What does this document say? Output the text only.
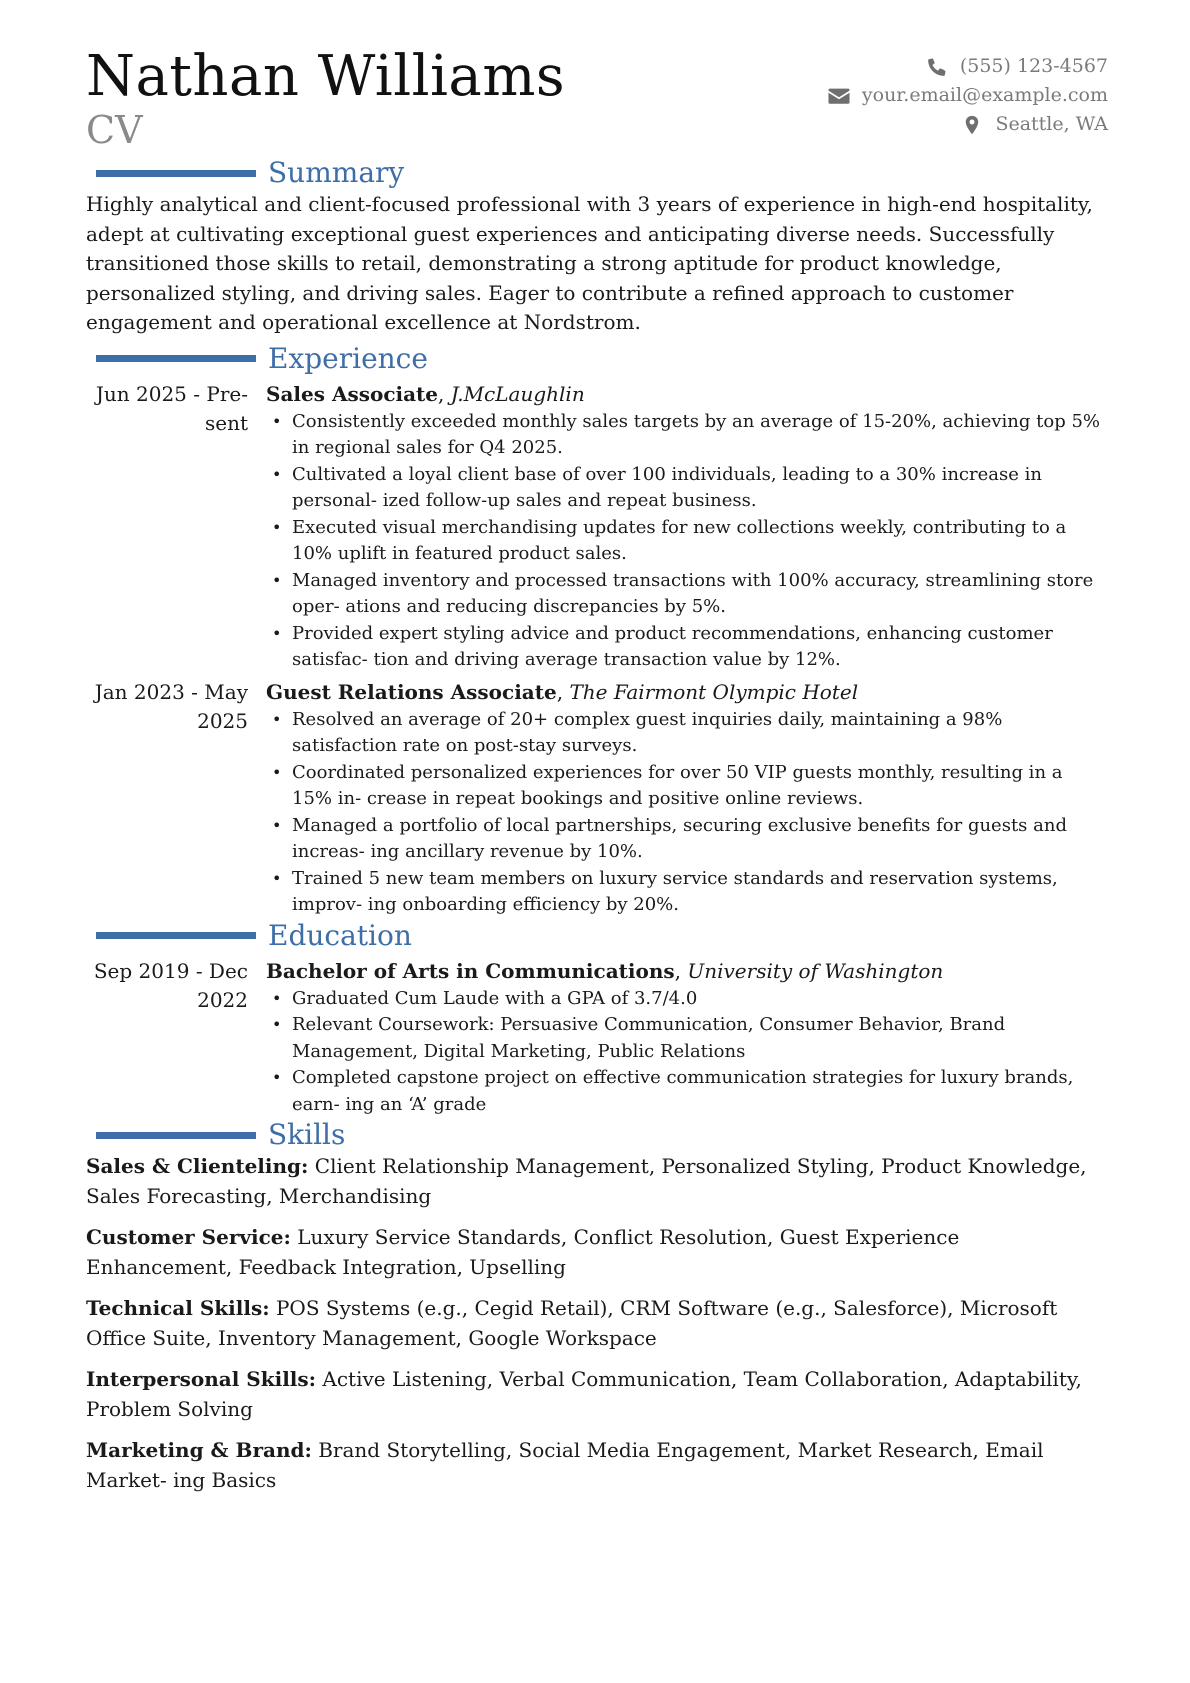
Nathan Williams
CV
(555) 123-4567
your.email@example.com
Seattle, WA
Summary
Highly analytical and client-focused professional with 3 years of experience in high-end hospitality, adept at cultivating exceptional guest experiences and anticipating diverse needs. Successfully transitioned those skills to retail, demonstrating a strong aptitude for product knowledge, personalized styling, and driving sales. Eager to contribute a refined approach to customer engagement and operational excellence at Nordstrom.
Experience
Jun 2025 - Pre- sent
Sales Associate, J.McLaughlin
• Consistently exceeded monthly sales targets by an average of 15-20%, achieving top 5% in regional sales for Q4 2025.
• Cultivated a loyal client base of over 100 individuals, leading to a 30% increase in personal- ized follow-up sales and repeat business.
• Executed visual merchandising updates for new collections weekly, contributing to a 10% uplift in featured product sales.
• Managed inventory and processed transactions with 100% accuracy, streamlining store oper- ations and reducing discrepancies by 5%.
• Provided expert styling advice and product recommendations, enhancing customer satisfac- tion and driving average transaction value by 12%.
Jan 2023 - May 2025
Guest Relations Associate, The Fairmont Olympic Hotel
• Resolved an average of 20+ complex guest inquiries daily, maintaining a 98% satisfaction rate on post-stay surveys.
• Coordinated personalized experiences for over 50 VIP guests monthly, resulting in a 15% in- crease in repeat bookings and positive online reviews.
• Managed a portfolio of local partnerships, securing exclusive benefits for guests and increas- ing ancillary revenue by 10%.
• Trained 5 new team members on luxury service standards and reservation systems, improv- ing onboarding efficiency by 20%.
Education
Sep 2019 - Dec 2022
Bachelor of Arts in Communications, University of Washington
• Graduated Cum Laude with a GPA of 3.7/4.0
• Relevant Coursework: Persuasive Communication, Consumer Behavior, Brand Management, Digital Marketing, Public Relations
• Completed capstone project on effective communication strategies for luxury brands, earn- ing an ‘A’ grade
Skills
Sales & Clienteling: Client Relationship Management, Personalized Styling, Product Knowledge, Sales Forecasting, Merchandising
Customer Service: Luxury Service Standards, Conflict Resolution, Guest Experience Enhancement, Feedback Integration, Upselling
Technical Skills: POS Systems (e.g., Cegid Retail), CRM Software (e.g., Salesforce), Microsoft Office Suite, Inventory Management, Google Workspace
Interpersonal Skills: Active Listening, Verbal Communication, Team Collaboration, Adaptability, Problem Solving
Marketing & Brand: Brand Storytelling, Social Media Engagement, Market Research, Email Market- ing Basics
